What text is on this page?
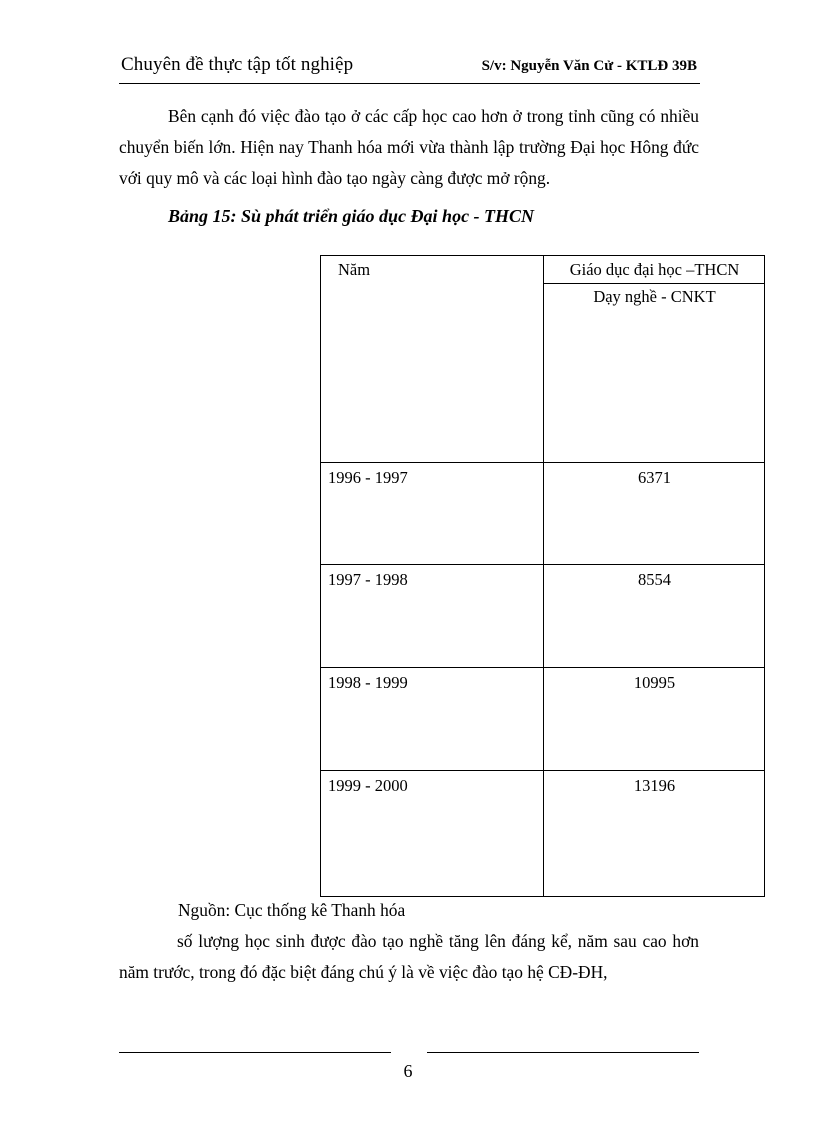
Chuyên đề thực tập tốt nghiệp	S/v: Nguyễn Văn Cử - KTLĐ 39B

Bên cạnh đó việc đào tạo ở các cấp học cao hơn ở trong tỉnh cũng có nhiều chuyển biến lớn. Hiện nay Thanh hóa mới vừa thành lập trường Đại học Hông đức với quy mô và các loại hình đào tạo ngày càng được mở rộng.

Bảng 15: Sù phát triển giáo dục Đại học - THCN

Năm	Giáo dục đại học –THCN
Dạy nghề - CNKT
1996 - 1997	6371
1997 - 1998	8554
1998 - 1999	10995
1999 - 2000	13196

Nguồn: Cục thống kê Thanh hóa

số lượng học sinh được đào tạo nghề tăng lên đáng kể, năm sau cao hơn năm trước, trong đó đặc biệt đáng chú ý là về việc đào tạo hệ CĐ-ĐH,

6
